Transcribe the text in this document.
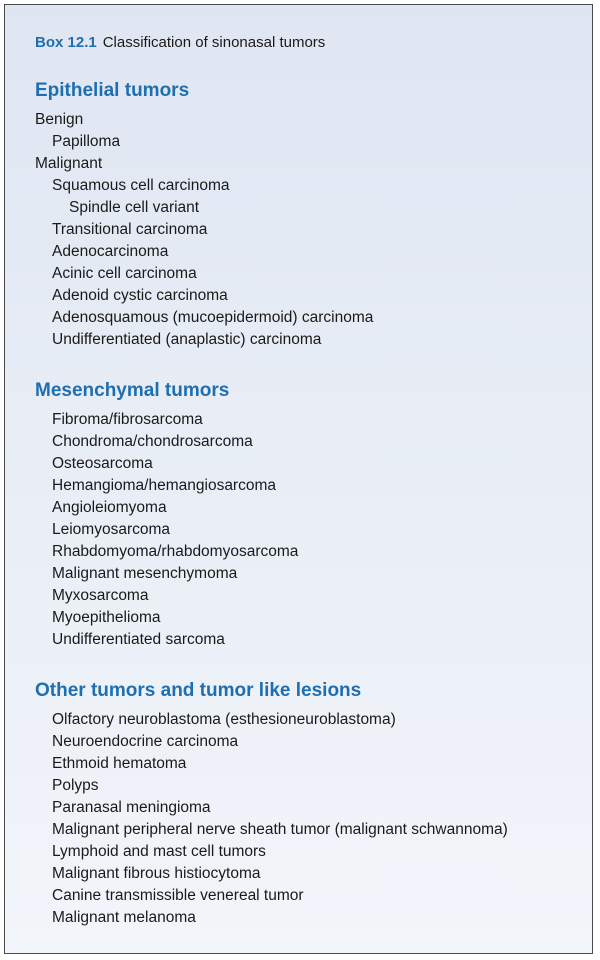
Box 12.1 Classification of sinonasal tumors
Epithelial tumors
Benign
Papilloma
Malignant
Squamous cell carcinoma
Spindle cell variant
Transitional carcinoma
Adenocarcinoma
Acinic cell carcinoma
Adenoid cystic carcinoma
Adenosquamous (mucoepidermoid) carcinoma
Undifferentiated (anaplastic) carcinoma
Mesenchymal tumors
Fibroma/fibrosarcoma
Chondroma/chondrosarcoma
Osteosarcoma
Hemangioma/hemangiosarcoma
Angioleiomyoma
Leiomyosarcoma
Rhabdomyoma/rhabdomyosarcoma
Malignant mesenchymoma
Myxosarcoma
Myoepithelioma
Undifferentiated sarcoma
Other tumors and tumor like lesions
Olfactory neuroblastoma (esthesioneuroblastoma)
Neuroendocrine carcinoma
Ethmoid hematoma
Polyps
Paranasal meningioma
Malignant peripheral nerve sheath tumor (malignant schwannoma)
Lymphoid and mast cell tumors
Malignant fibrous histiocytoma
Canine transmissible venereal tumor
Malignant melanoma
